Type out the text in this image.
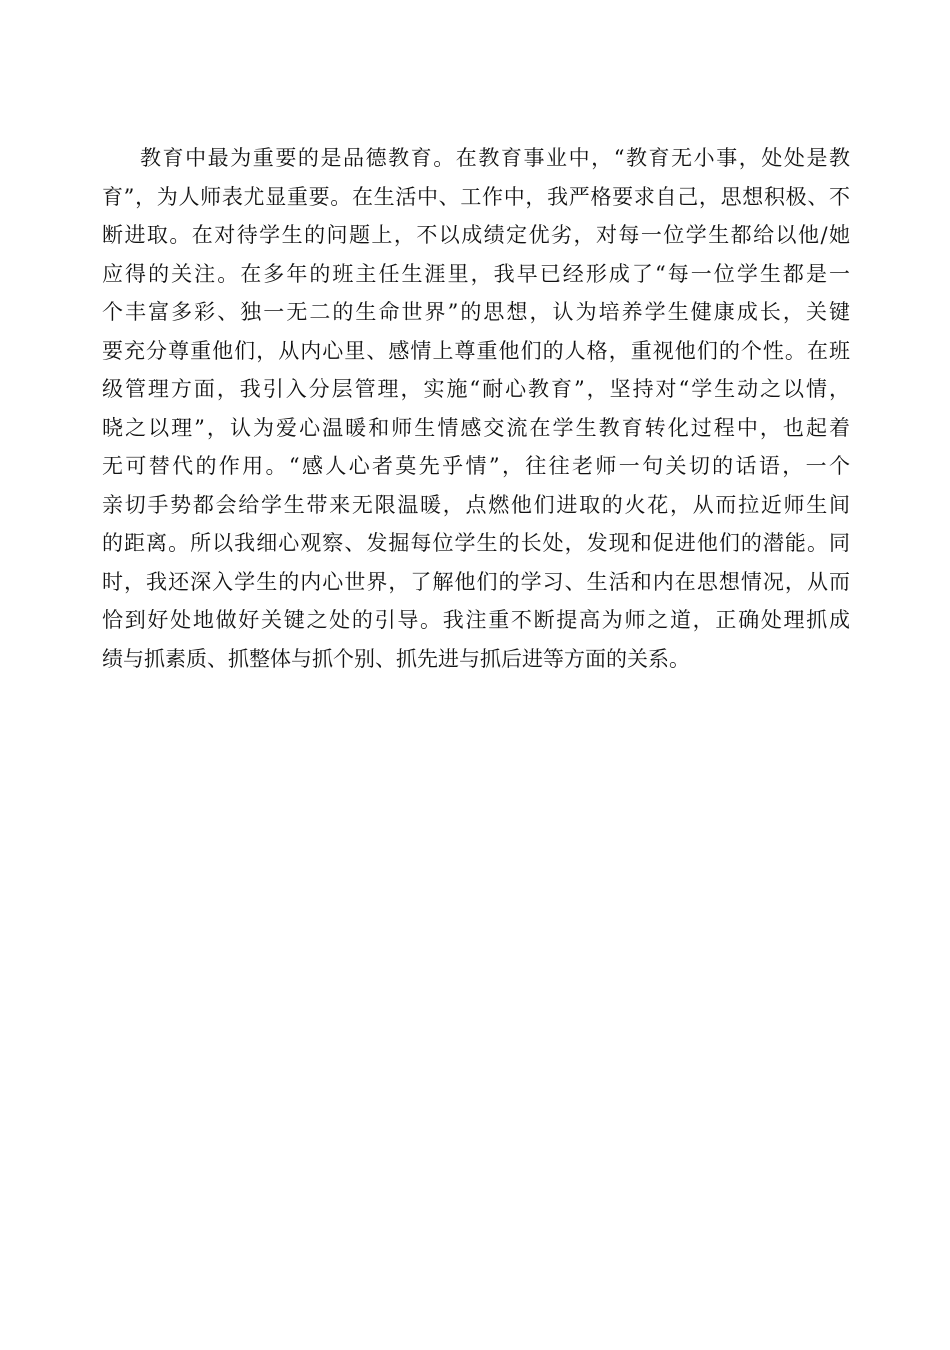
教育中最为重要的是品德教育。在教育事业中，“教育无小事，处处是教
育”，为人师表尤显重要。在生活中、工作中，我严格要求自己，思想积极、不
断进取。在对待学生的问题上，不以成绩定优劣，对每一位学生都给以他/她
应得的关注。在多年的班主任生涯里，我早已经形成了“每一位学生都是一
个丰富多彩、独一无二的生命世界”的思想，认为培养学生健康成长，关键
要充分尊重他们，从内心里、感情上尊重他们的人格，重视他们的个性。在班
级管理方面，我引入分层管理，实施“耐心教育”，坚持对“学生动之以情，
晓之以理”，认为爱心温暖和师生情感交流在学生教育转化过程中，也起着
无可替代的作用。“感人心者莫先乎情”，往往老师一句关切的话语，一个
亲切手势都会给学生带来无限温暖，点燃他们进取的火花，从而拉近师生间
的距离。所以我细心观察、发掘每位学生的长处，发现和促进他们的潜能。同
时，我还深入学生的内心世界，了解他们的学习、生活和内在思想情况，从而
恰到好处地做好关键之处的引导。我注重不断提高为师之道，正确处理抓成
绩与抓素质、抓整体与抓个别、抓先进与抓后进等方面的关系。
